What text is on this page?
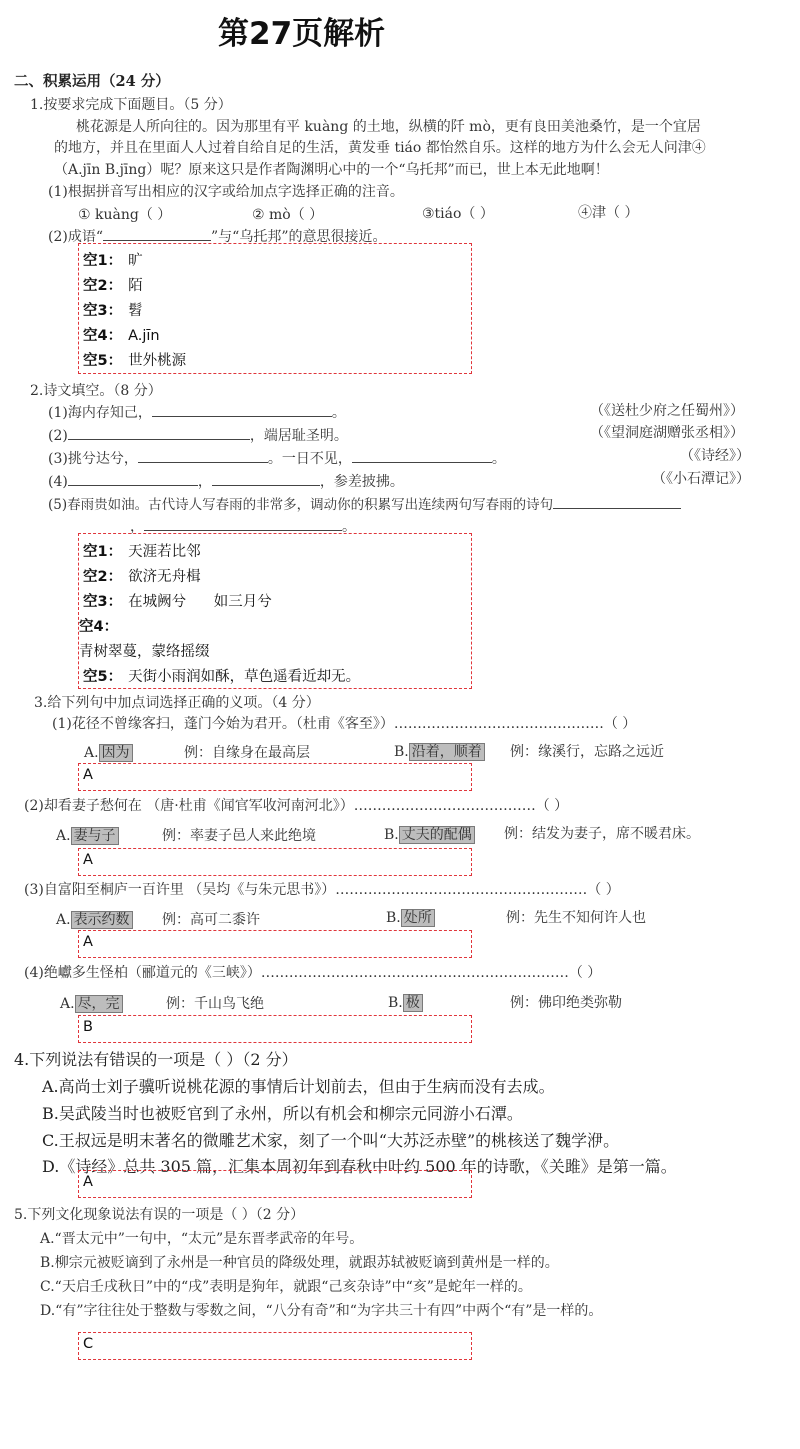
第27页解析
二、积累运用（24 分）
1.按要求完成下面题目。（5 分）
桃花源是人所向往的。因为那里有平 kuàng 的土地，纵横的阡 mò，更有良田美池桑竹，是一个宜居
的地方，并且在里面人人过着自给自足的生活，黄发垂 tiáo 都怡然自乐。这样的地方为什么会无人问津④
（A.jīn B.jīng）呢？原来这只是作者陶渊明心中的一个“乌托邦”而已，世上本无此地啊！
(1)根据拼音写出相应的汉字或给加点字选择正确的注音。
① kuàng（ ）	② mò（ ）	③tiáo（ ）	④津（ ）
(2)成语“	”与“乌托邦”的意思很接近。
空1： 旷
空2： 陌
空3： 髫
空4： A.jīn
空5： 世外桃源
2.诗文填空。（8 分）
(1)海内存知己，	。	（《送杜少府之任蜀州》）
(2)	，端居耻圣明。	（《望洞庭湖赠张丞相》）
(3)挑兮达兮，	。一日不见，	。	（《诗经》）
(4)	，	，参差披拂。	（《小石潭记》）
(5)春雨贵如油。古代诗人写春雨的非常多，调动你的积累写出连续两句写春雨的诗句
，	。
空1： 天涯若比邻
空2： 欲济无舟楫
空3： 在城阙兮      如三月兮
空4：
青树翠蔓，蒙络摇缀
空5： 天街小雨润如酥，草色遥看近却无。
3.给下列句中加点词选择正确的义项。（4 分）
(1)花径不曾缘客扫，蓬门今始为君开。（杜甫《客至》）………………………………………（ ）
A. 因为	例：自缘身在最高层	B. 沿着，顺着 例：缘溪行，忘路之远近
A
(2)却看妻子愁何在 （唐·杜甫《闻官军收河南河北》）…………………………………（ ）
A. 妻与子	例：率妻子邑人来此绝境	B. 丈夫的配偶 例：结发为妻子，席不暖君床。
A
(3)自富阳至桐庐一百许里 （吴均《与朱元思书》）………………………………………………（ ）
A. 表示约数 例：高可二黍许	B. 处所	例：先生不知何许人也
A
(4)绝巘多生怪柏（郦道元的《三峡》）…………………………………………………………（ ）
A. 尽，完	例：千山鸟飞绝	B. 极	例：佛印绝类弥勒
B
4.下列说法有错误的一项是（ ）（2 分）
A.高尚士刘子骥听说桃花源的事情后计划前去，但由于生病而没有去成。
B.吴武陵当时也被贬官到了永州，所以有机会和柳宗元同游小石潭。
C.王叔远是明末著名的微雕艺术家，刻了一个叫“大苏泛赤壁”的桃核送了魏学洢。
D.《诗经》总共 305 篇，汇集本周初年到春秋中叶约 500 年的诗歌，《关雎》是第一篇。
A
5.下列文化现象说法有误的一项是（ ）（2 分）
A.“晋太元中”一句中，“太元”是东晋孝武帝的年号。
B.柳宗元被贬谪到了永州是一种官员的降级处理，就跟苏轼被贬谪到黄州是一样的。
C.“天启壬戌秋日”中的“戌”表明是狗年，就跟“己亥杂诗”中“亥”是蛇年一样的。
D.“有”字往往处于整数与零数之间，“八分有奇”和“为字共三十有四”中两个“有”是一样的。
C
